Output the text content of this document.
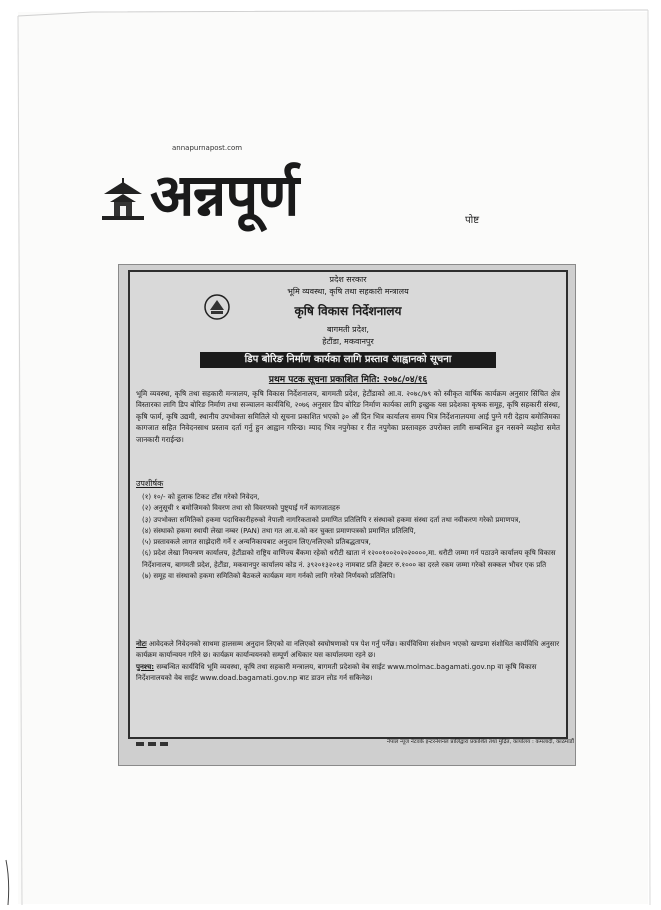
annapurnapost.com
अन्नपूर्ण	पोष्ट
प्रदेश सरकार
भूमि व्यवस्था, कृषि तथा सहकारी मन्त्रालय
कृषि विकास निर्देशनालय
बागमती प्रदेश,
हेटौंडा, मकवानपुर
डिप बोरिङ निर्माण कार्यका लागि प्रस्ताव आह्वानको सूचना
प्रथम पटक सूचना प्रकाशित मिति: २०७८/०४/१६
भूमि व्यवस्था, कृषि तथा सहकारी मन्त्रालय, कृषि विकास निर्देशनालय, बागमती प्रदेश, हेटौंडाको आ.व. २०७८/७९ को स्वीकृत वार्षिक कार्यक्रम अनुसार सिंचित क्षेत्र विस्तारका लागि डिप बोरिङ निर्माण तथा सञ्चालन कार्यविधि, २०७६ अनुसार डिप बोरिङ निर्माण कार्यका लागि इच्छुक यस प्रदेशका कृषक समूह, कृषि सहकारी संस्था, कृषि फार्म, कृषि उद्यमी, स्थानीय उपभोक्ता समितिले यो सूचना प्रकाशित भएको ३० औं दिन भित्र कार्यालय समय भित्र निर्देशनालयमा आई पुग्ने गरी देहाय बमोजिमका कागजात सहित निवेदनसाथ प्रस्ताव दर्ता गर्नु हुन आह्वान गरिन्छ। म्याद भित्र नपुगेका र रीत नपुगेका प्रस्तावहरु उपरोक्त लागि सम्बन्धित हुन नसक्ने व्यहोरा समेत जानकारी गराईन्छ।
उपशीर्षक
(१) १०/- को हुलाक टिकट टाँस गरेको निवेदन,
(२) अनुसूची १ बमोजिमको विवरण तथा सो विवरणको पुष्ट्याई गर्ने कागजातहरु
(३) उपभोक्ता समितिको हकमा पदाधिकारीहरुको नेपाली नागरिकताको प्रमाणित प्रतिलिपि र संस्थाको हकमा संस्था दर्ता तथा नवीकरण गरेको प्रमाणपत्र,
(४) संस्थाको हकमा स्थायी लेखा नम्बर (PAN) तथा गत आ.व.को कर चुक्ता प्रमाणपत्रको प्रमाणित प्रतिलिपि,
(५) प्रस्तावकले लागत साझेदारी गर्ने र अन्यनिकायबाट अनुदान लिए/नलिएको प्रतिबद्धतापत्र,
(६) प्रदेश लेखा नियन्त्रण कार्यालय, हेटौंडाको राष्ट्रिय वाणिज्य बैंकमा रहेको धरौटी खाता नं १२००१००२०२०२००००,मा. धरौटी जम्मा गर्न पठाउने कार्यालय कृषि विकास निर्देशनालय, बागमती प्रदेश, हेटौंडा, मकवानपुर कार्यालय कोड नं. ३९२०१३२०१३ नामबाट प्रति हेक्टर रु.१००० का दरले रकम जम्मा गरेको सक्कल भौचर एक प्रति
(७) समूह वा संस्थाको हकमा समितिको बैठकले कार्यक्रम माग गर्नको लागि गरेको निर्णयको प्रतिलिपि।
नोटः आवेदकले निवेदनको साथमा हालसम्म अनुदान लिएको वा नलिएको स्वघोषणाको पत्र पेश गर्नु पर्नेछ। कार्यविधिमा संशोधन भएको खण्डमा संशोधित कार्यविधि अनुसार कार्यक्रम कार्यान्वयन गरिने छ। कार्यक्रम कार्यान्वयनको सम्पूर्ण अधिकार यस कार्यालयमा रहने छ।
पुनश्च: सम्बन्धित कार्यविधि भूमि व्यवस्था, कृषि तथा सहकारी मन्त्रालय, बागमती प्रदेशको वेब साईट www.molmac.bagamati.gov.np वा कृषि विकास निर्देशनालयको वेब साईट www.doad.bagamati.gov.np बाट डाउन लोड गर्न सकिनेछ।
नेपाल न्यूज नेटवर्क इन्टरनेशनल प्रालिद्वारा प्रकाशित तथा मुद्रित, कार्यालय : कमलादी, काठमाडौं
